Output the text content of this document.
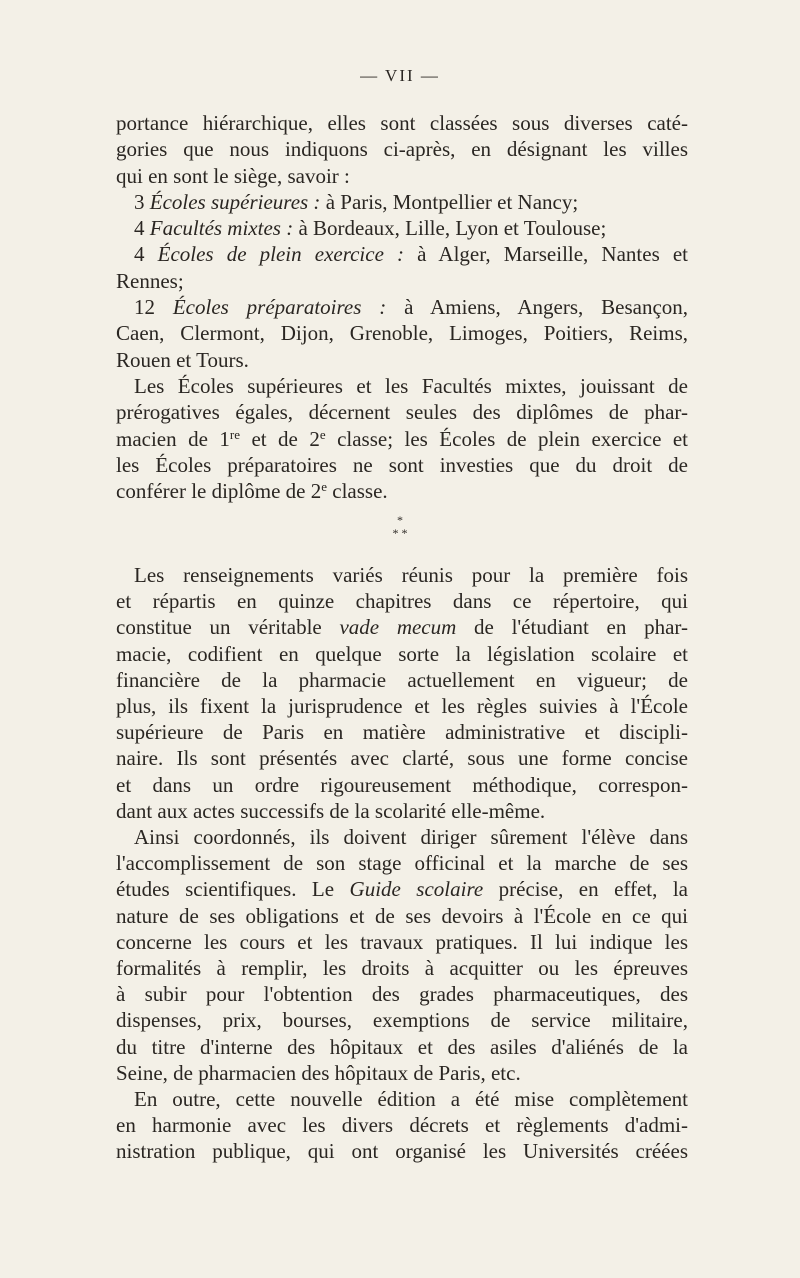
— VII —

portance hiérarchique, elles sont classées sous diverses caté-
gories que nous indiquons ci-après, en désignant les villes
qui en sont le siège, savoir :

3 Écoles supérieures : à Paris, Montpellier et Nancy;

4 Facultés mixtes : à Bordeaux, Lille, Lyon et Toulouse;

4 Écoles de plein exercice : à Alger, Marseille, Nantes et
Rennes;

12 Écoles préparatoires : à Amiens, Angers, Besançon,
Caen, Clermont, Dijon, Grenoble, Limoges, Poitiers, Reims,
Rouen et Tours.

Les Écoles supérieures et les Facultés mixtes, jouissant de
prérogatives égales, décernent seules des diplômes de phar-
macien de 1re et de 2e classe; les Écoles de plein exercice et
les Écoles préparatoires ne sont investies que du droit de
conférer le diplôme de 2e classe.

*
* *

Les renseignements variés réunis pour la première fois
et répartis en quinze chapitres dans ce répertoire, qui
constitue un véritable vade mecum de l'étudiant en phar-
macie, codifient en quelque sorte la législation scolaire et
financière de la pharmacie actuellement en vigueur; de
plus, ils fixent la jurisprudence et les règles suivies à l'École
supérieure de Paris en matière administrative et discipli-
naire. Ils sont présentés avec clarté, sous une forme concise
et dans un ordre rigoureusement méthodique, correspon-
dant aux actes successifs de la scolarité elle-même.

Ainsi coordonnés, ils doivent diriger sûrement l'élève dans
l'accomplissement de son stage officinal et la marche de ses
études scientifiques. Le Guide scolaire précise, en effet, la
nature de ses obligations et de ses devoirs à l'École en ce qui
concerne les cours et les travaux pratiques. Il lui indique les
formalités à remplir, les droits à acquitter ou les épreuves
à subir pour l'obtention des grades pharmaceutiques, des
dispenses, prix, bourses, exemptions de service militaire,
du titre d'interne des hôpitaux et des asiles d'aliénés de la
Seine, de pharmacien des hôpitaux de Paris, etc.

En outre, cette nouvelle édition a été mise complètement
en harmonie avec les divers décrets et règlements d'admi-
nistration publique, qui ont organisé les Universités créées
